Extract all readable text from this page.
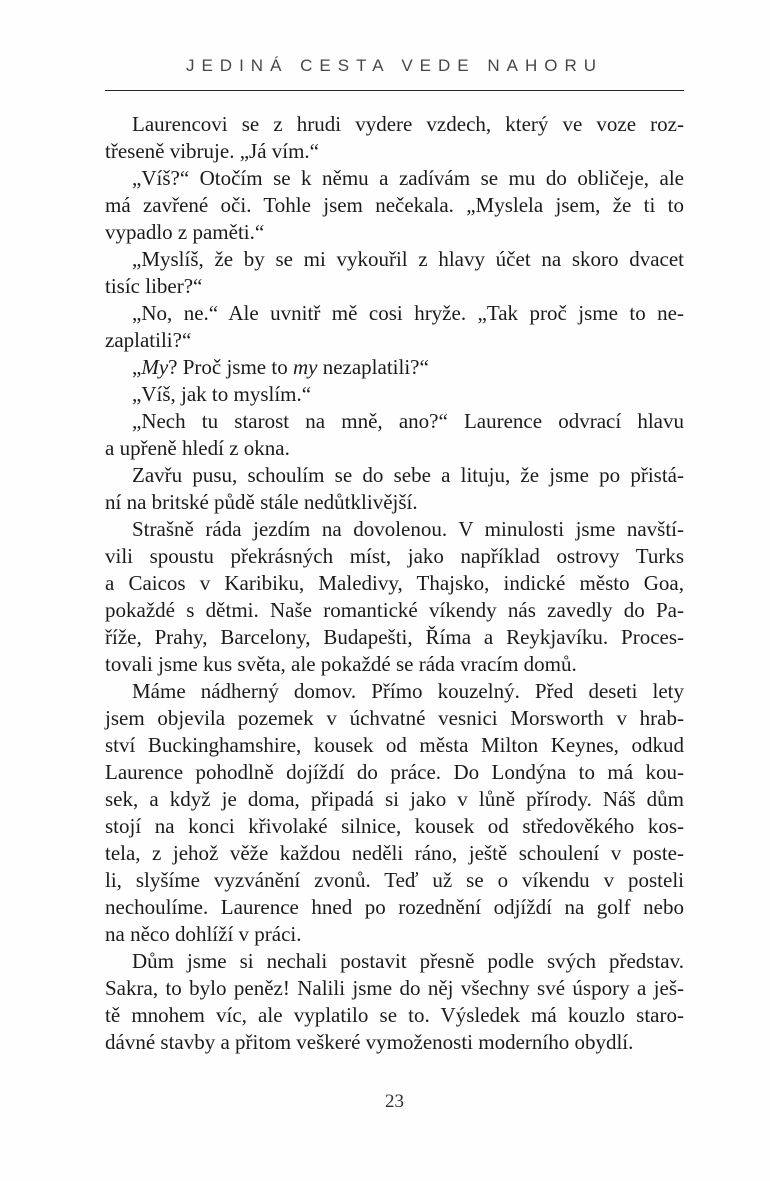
JEDINÁ CESTA VEDE NAHORU
Laurencovi se z hrudi vydere vzdech, který ve voze roz-
třeseně vibruje. „Já vím.“
„Víš?“ Otočím se k němu a zadívám se mu do obličeje, ale
má zavřené oči. Tohle jsem nečekala. „Myslela jsem, že ti to
vypadlo z paměti.“
„Myslíš, že by se mi vykouřil z hlavy účet na skoro dvacet
tisíc liber?“
„No, ne.“ Ale uvnitř mě cosi hryže. „Tak proč jsme to ne-
zaplatili?“
„My? Proč jsme to my nezaplatili?“
„Víš, jak to myslím.“
„Nech tu starost na mně, ano?“ Laurence odvrací hlavu
a upřeně hledí z okna.
Zavřu pusu, schoulím se do sebe a lituju, že jsme po přistá-
ní na britské půdě stále nedůtklivější.
Strašně ráda jezdím na dovolenou. V minulosti jsme navští-
vili spoustu překrásných míst, jako například ostrovy Turks
a Caicos v Karibiku, Maledivy, Thajsko, indické město Goa,
pokaždé s dětmi. Naše romantické víkendy nás zavedly do Pa-
říže, Prahy, Barcelony, Budapešti, Říma a Reykjavíku. Proces-
tovali jsme kus světa, ale pokaždé se ráda vracím domů.
Máme nádherný domov. Přímo kouzelný. Před deseti lety
jsem objevila pozemek v úchvatné vesnici Morsworth v hrab-
ství Buckinghamshire, kousek od města Milton Keynes, odkud
Laurence pohodlně dojíždí do práce. Do Londýna to má kou-
sek, a když je doma, připadá si jako v lůně přírody. Náš dům
stojí na konci křivolaké silnice, kousek od středověkého kos-
tela, z jehož věže každou neděli ráno, ještě schoulení v poste-
li, slyšíme vyzvánění zvonů. Teď už se o víkendu v posteli
nechoulíme. Laurence hned po rozednění odjíždí na golf nebo
na něco dohlíží v práci.
Dům jsme si nechali postavit přesně podle svých představ.
Sakra, to bylo peněz! Nalili jsme do něj všechny své úspory a ješ-
tě mnohem víc, ale vyplatilo se to. Výsledek má kouzlo staro-
dávné stavby a přitom veškeré vymoženosti moderního obydlí.
23
